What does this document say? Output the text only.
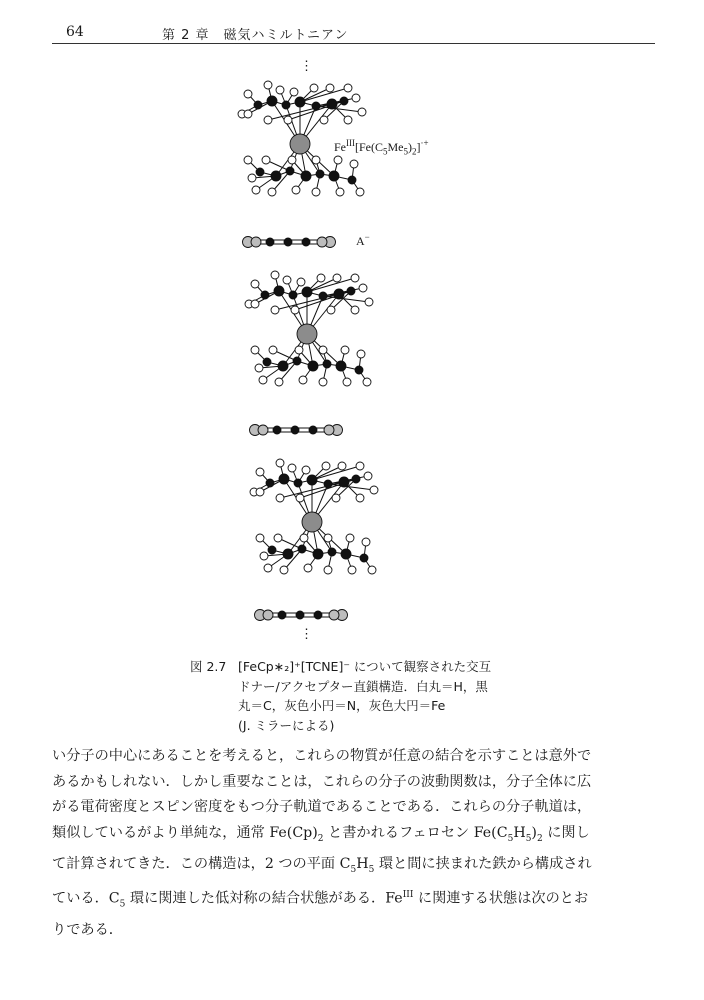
64	第 2 章　磁気ハミルトニアン
⋮
⋮
$Fe^{III}[Fe(C_5Me_5)_2]^{\cdot+}$
A−
図 2.7 [FeCp∗₂]⁺[TCNE]⁻ について観察された交互
ドナー/アクセプター直鎖構造．白丸＝H，黒
丸＝C，灰色小円＝N，灰色大円＝Fe
(J. ミラーによる)
い分子の中心にあることを考えると，これらの物質が任意の結合を示すことは意外で
あるかもしれない．しかし重要なことは，これらの分子の波動関数は，分子全体に広
がる電荷密度とスピン密度をもつ分子軌道であることである．これらの分子軌道は，
類似しているがより単純な，通常 $Fe(Cp)_2$ と書かれるフェロセン $Fe(C_5H_5)_2$ に関し
て計算されてきた．この構造は，2 つの平面 $C_5H_5$ 環と間に挟まれた鉄から構成され
ている．$C_5$ 環に関連した低対称の結合状態がある．$Fe^{III}$ に関連する状態は次のとお
りである．
